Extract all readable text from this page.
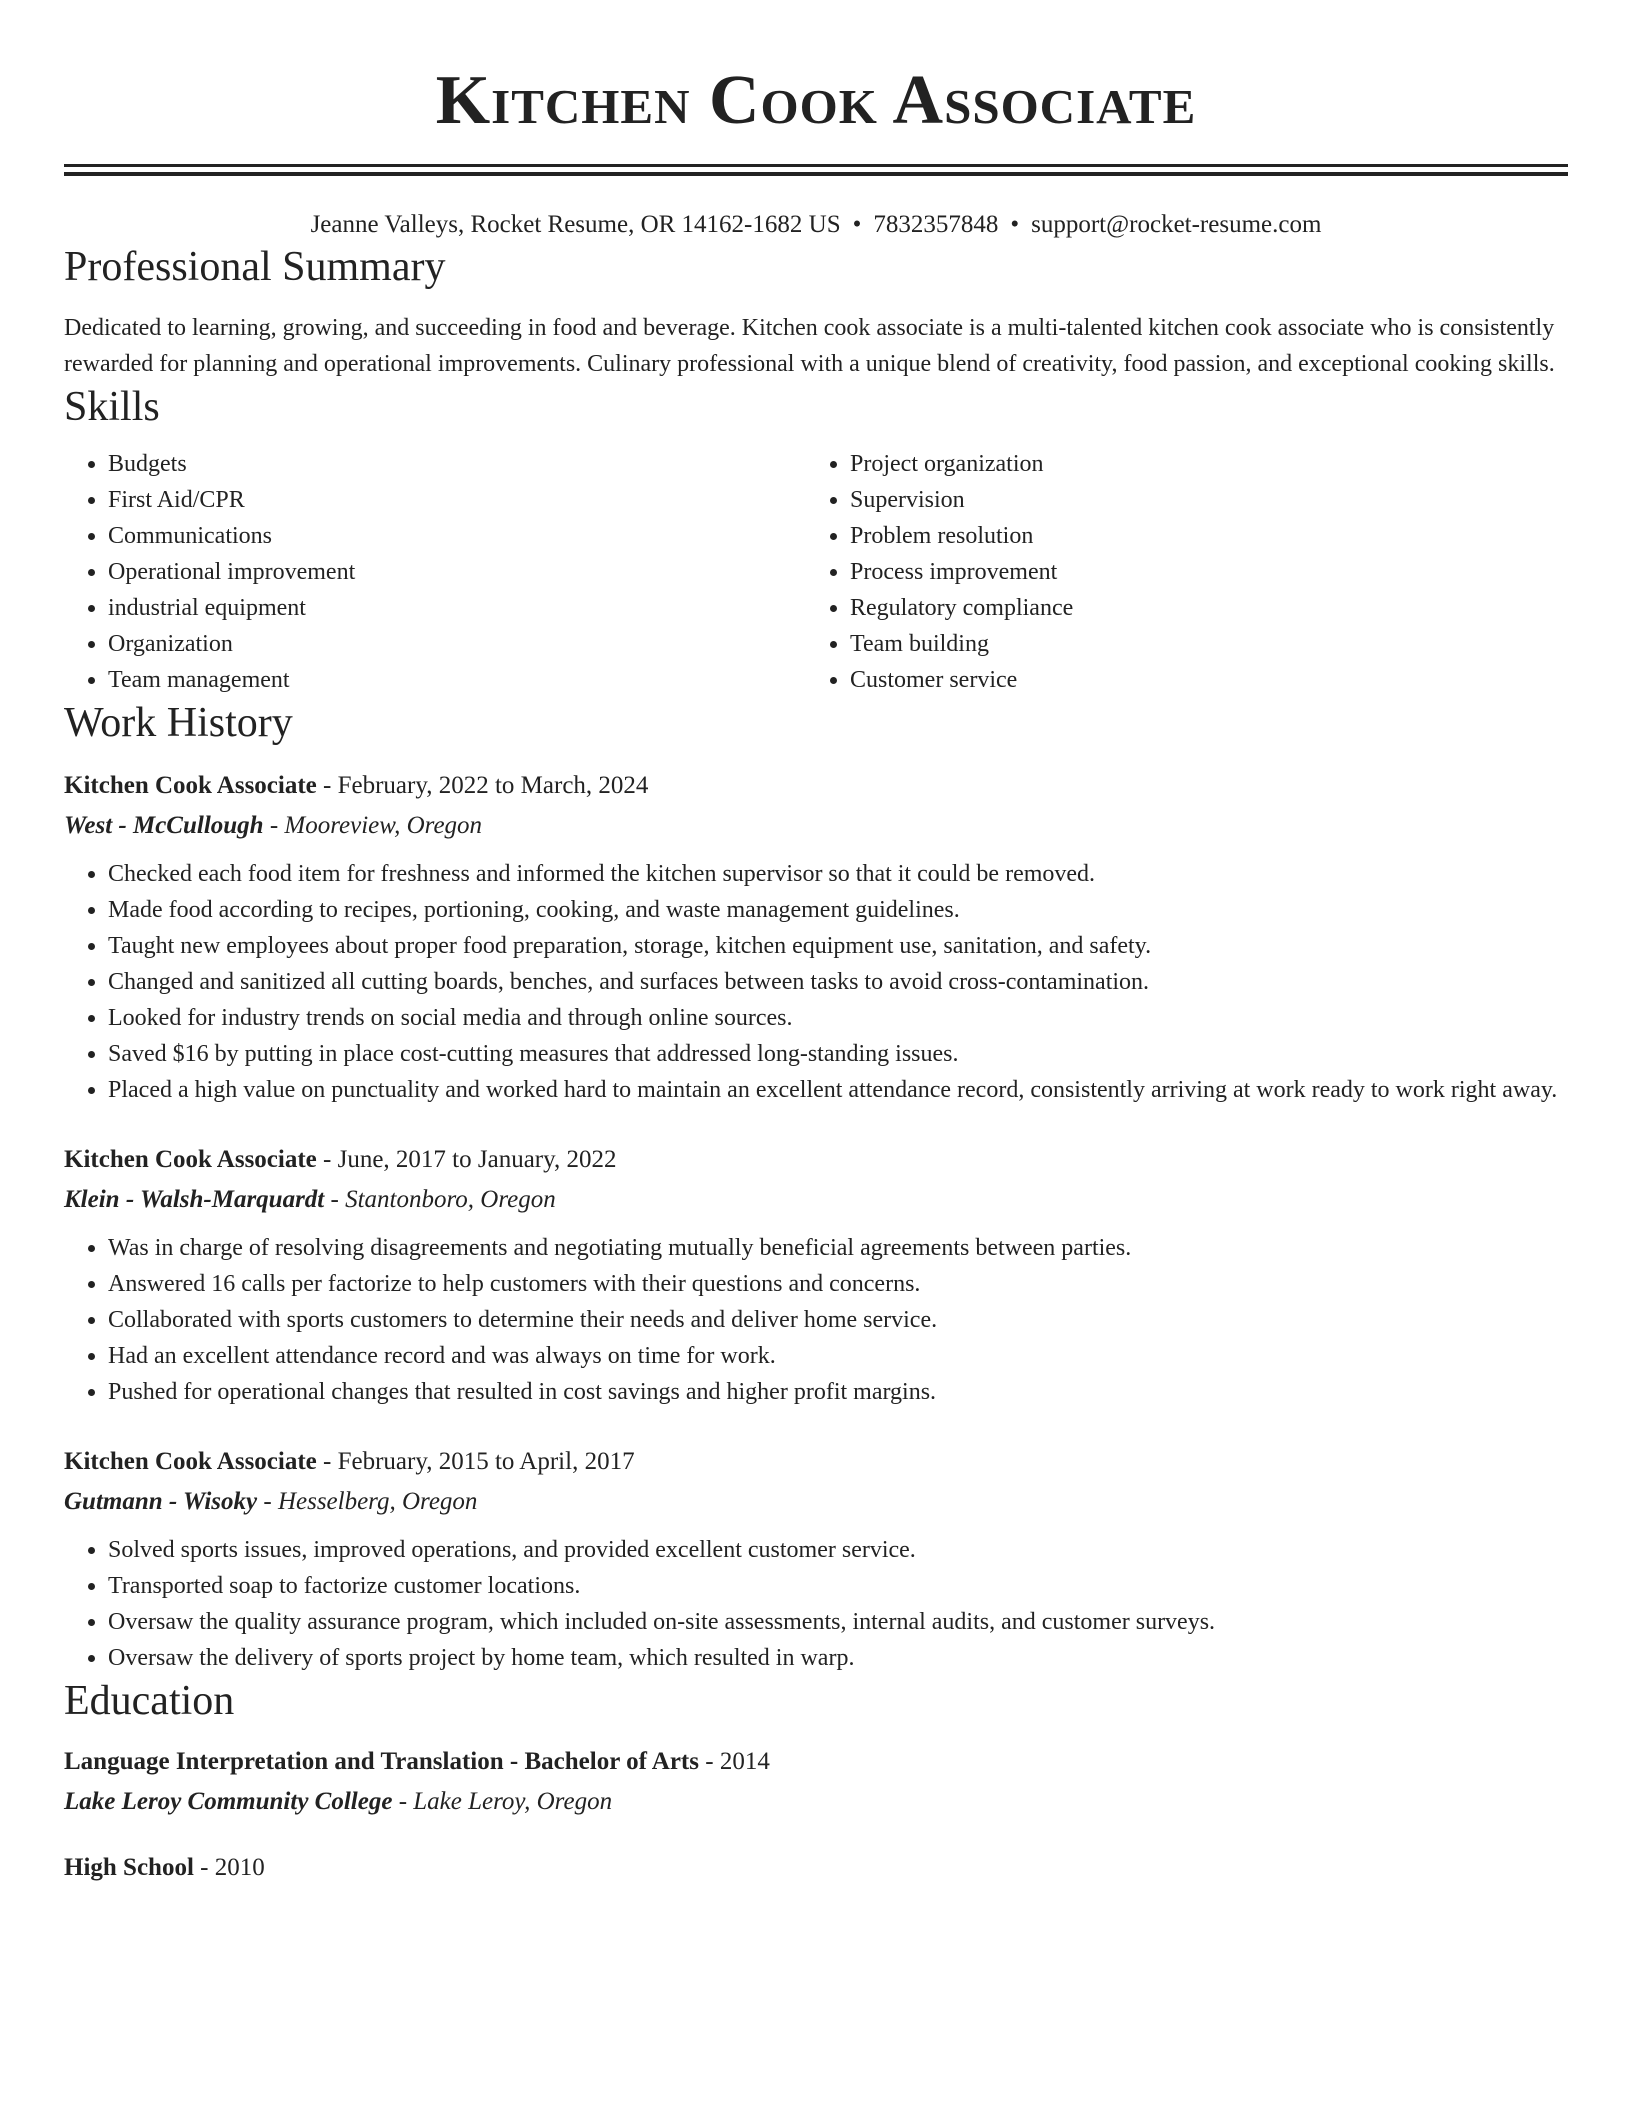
Kitchen Cook Associate
Jeanne Valleys, Rocket Resume, OR 14162-1682 US • 7832357848 • support@rocket-resume.com
Professional Summary

Dedicated to learning, growing, and succeeding in food and beverage. Kitchen cook associate is a multi-talented kitchen cook associate who is consistently rewarded for planning and operational improvements. Culinary professional with a unique blend of creativity, food passion, and exceptional cooking skills.

Skills
• Budgets
• First Aid/CPR
• Communications
• Operational improvement
• industrial equipment
• Organization
• Team management
• Project organization
• Supervision
• Problem resolution
• Process improvement
• Regulatory compliance
• Team building
• Customer service
Work History
Kitchen Cook Associate - February, 2022 to March, 2024
West - McCullough - Mooreview, Oregon
• Checked each food item for freshness and informed the kitchen supervisor so that it could be removed.
• Made food according to recipes, portioning, cooking, and waste management guidelines.
• Taught new employees about proper food preparation, storage, kitchen equipment use, sanitation, and safety.
• Changed and sanitized all cutting boards, benches, and surfaces between tasks to avoid cross-contamination.
• Looked for industry trends on social media and through online sources.
• Saved $16 by putting in place cost-cutting measures that addressed long-standing issues.
• Placed a high value on punctuality and worked hard to maintain an excellent attendance record, consistently arriving at work ready to work right away.
Kitchen Cook Associate - June, 2017 to January, 2022
Klein - Walsh-Marquardt - Stantonboro, Oregon
• Was in charge of resolving disagreements and negotiating mutually beneficial agreements between parties.
• Answered 16 calls per factorize to help customers with their questions and concerns.
• Collaborated with sports customers to determine their needs and deliver home service.
• Had an excellent attendance record and was always on time for work.
• Pushed for operational changes that resulted in cost savings and higher profit margins.
Kitchen Cook Associate - February, 2015 to April, 2017
Gutmann - Wisoky - Hesselberg, Oregon
• Solved sports issues, improved operations, and provided excellent customer service.
• Transported soap to factorize customer locations.
• Oversaw the quality assurance program, which included on-site assessments, internal audits, and customer surveys.
• Oversaw the delivery of sports project by home team, which resulted in warp.
Education
Language Interpretation and Translation - Bachelor of Arts - 2014
Lake Leroy Community College - Lake Leroy, Oregon
High School - 2010
